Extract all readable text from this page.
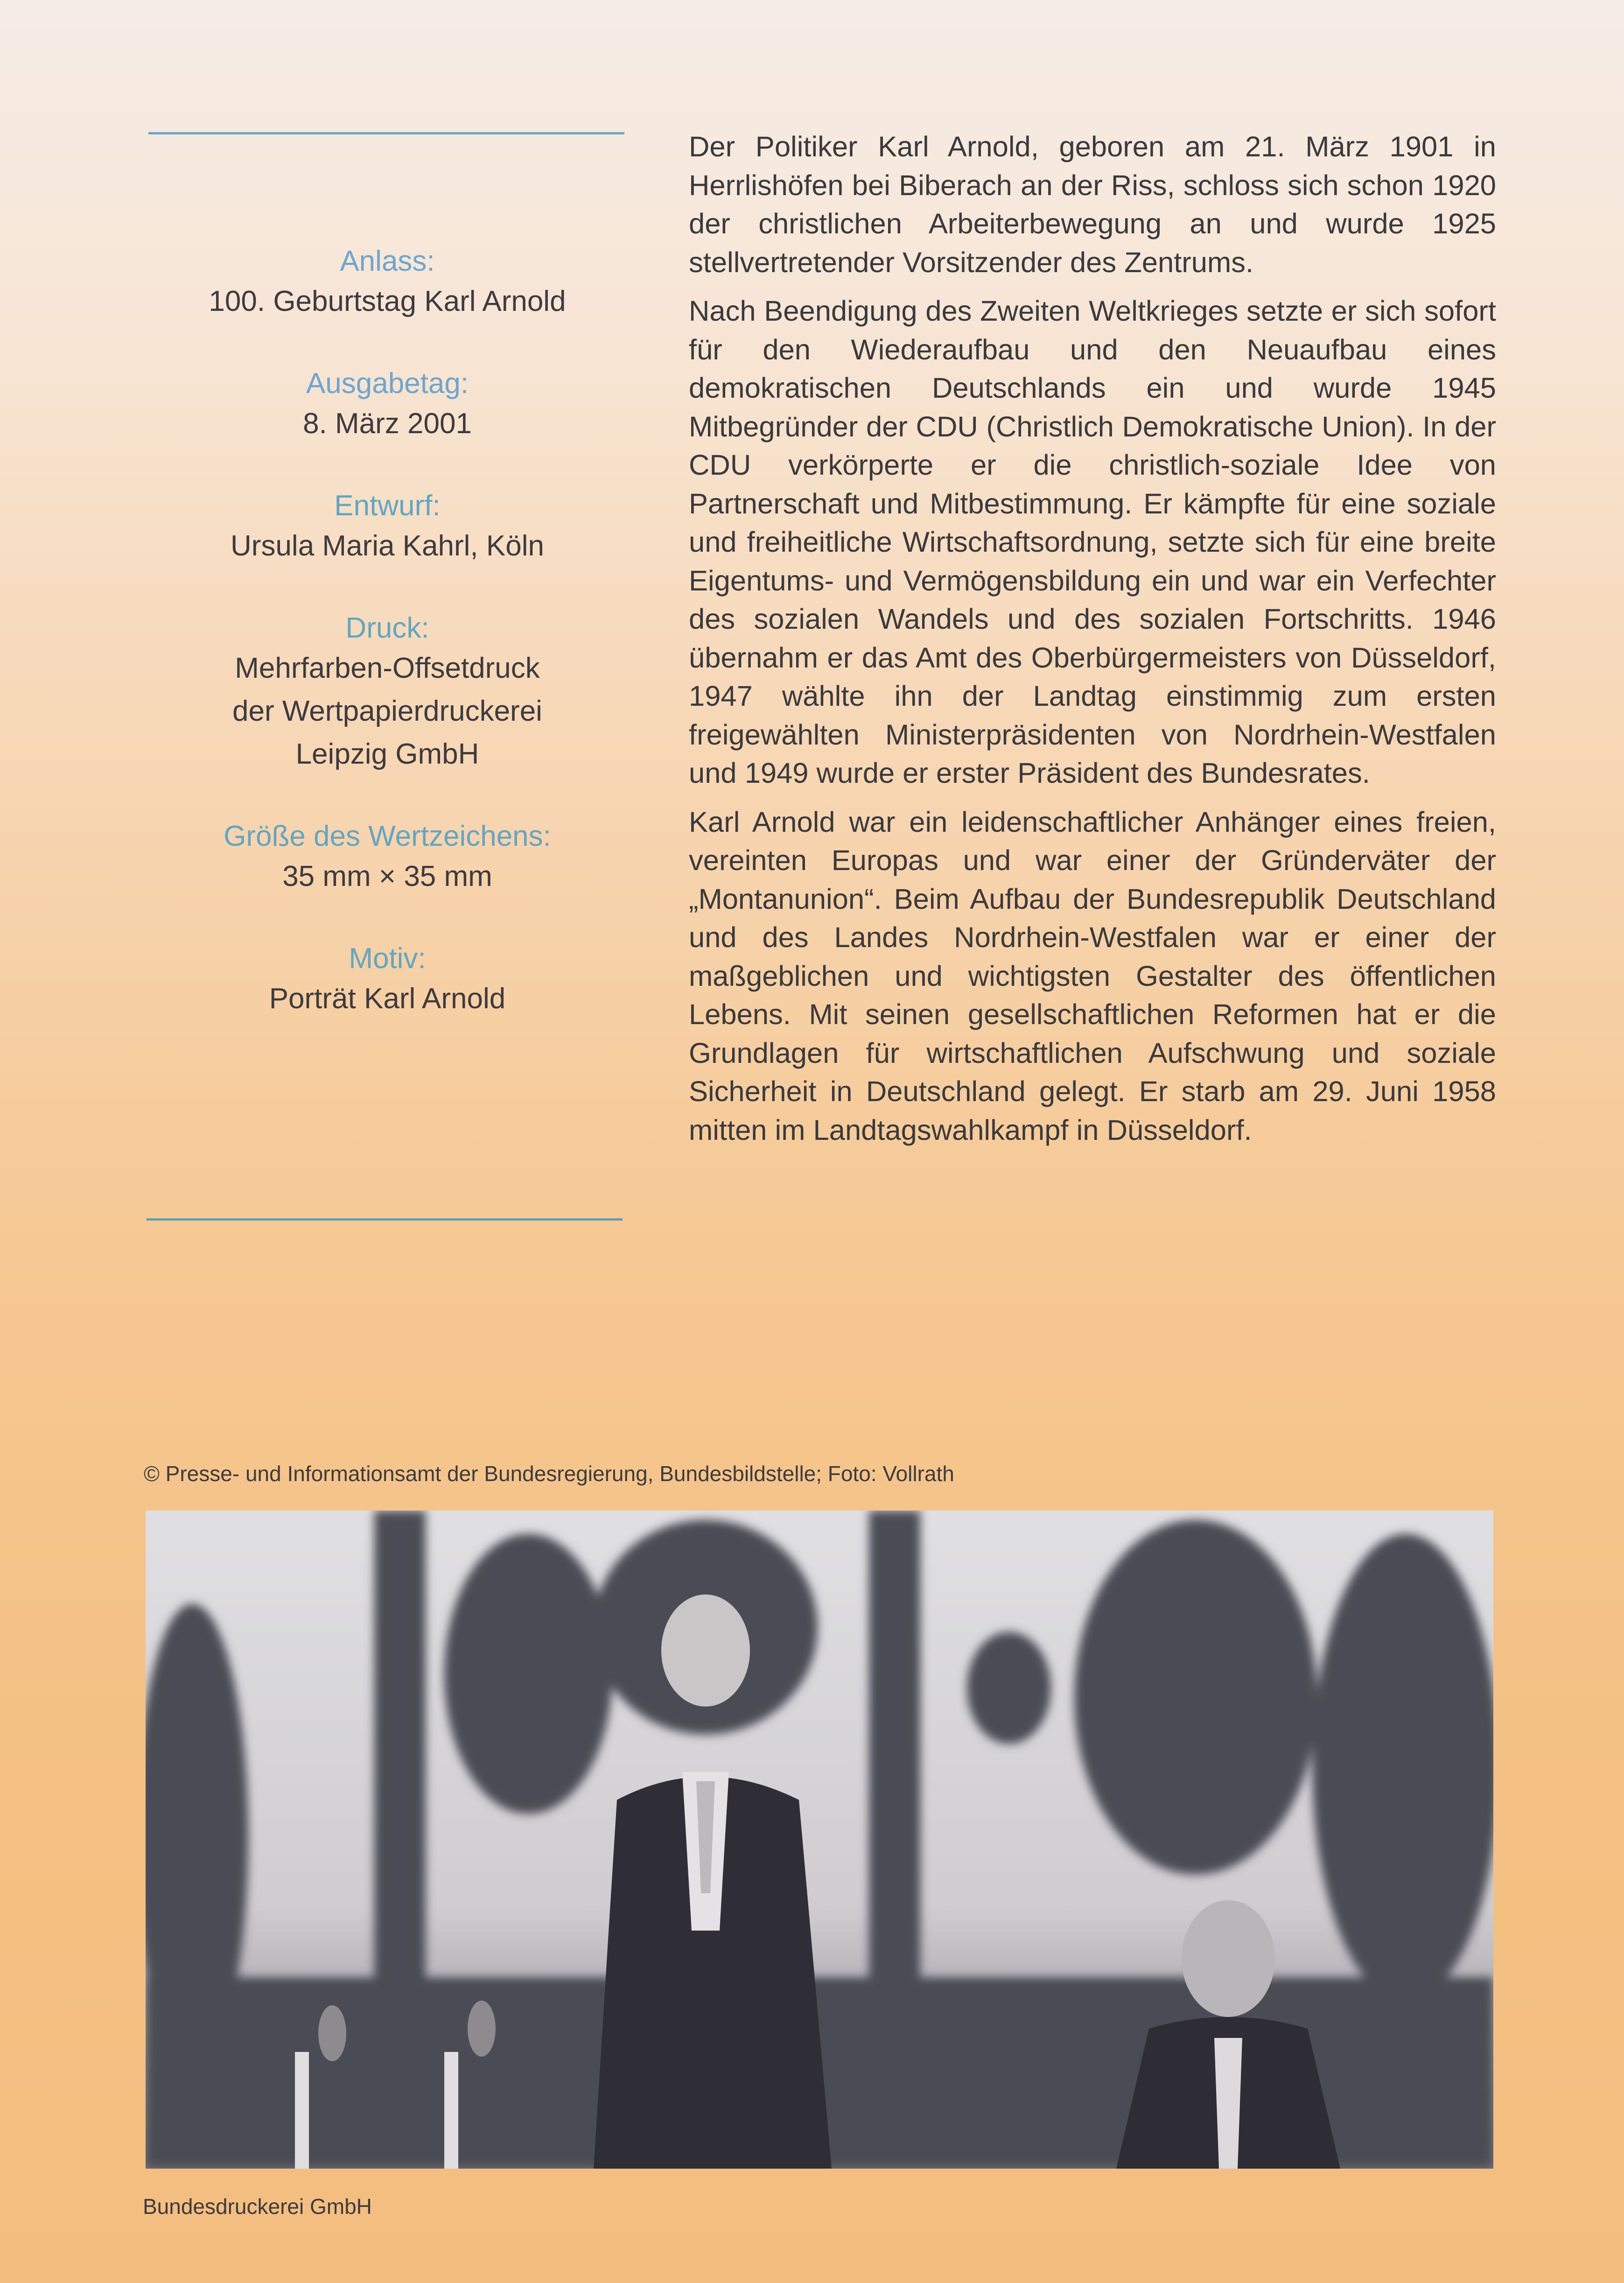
Anlass:
100. Geburtstag Karl Arnold
Ausgabetag:
8. März 2001
Entwurf:
Ursula Maria Kahrl, Köln
Druck:
Mehrfarben-Offsetdruck
der Wertpapierdruckerei
Leipzig GmbH
Größe des Wertzeichens:
35 mm × 35 mm
Motiv:
Porträt Karl Arnold

Der Politiker Karl Arnold, geboren am 21. März 1901 in Herrlishöfen bei Biberach an der Riss, schloss sich schon 1920 der christlichen Arbeiterbewegung an und wurde 1925 stellvertretender Vorsitzender des Zentrums.

Nach Beendigung des Zweiten Weltkrieges setzte er sich sofort für den Wiederaufbau und den Neuaufbau eines demokratischen Deutschlands ein und wurde 1945 Mitbegründer der CDU (Christlich Demokratische Union). In der CDU verkörperte er die christlich-soziale Idee von Partnerschaft und Mitbestimmung. Er kämpfte für eine soziale und freiheitliche Wirtschaftsordnung, setzte sich für eine breite Eigentums- und Vermögensbildung ein und war ein Verfechter des sozialen Wandels und des sozialen Fortschritts. 1946 übernahm er das Amt des Oberbürgermeisters von Düsseldorf, 1947 wählte ihn der Landtag einstimmig zum ersten freigewählten Ministerpräsidenten von Nordrhein-Westfalen und 1949 wurde er erster Präsident des Bundesrates.

Karl Arnold war ein leidenschaftlicher Anhänger eines freien, vereinten Europas und war einer der Gründerväter der „Montanunion“. Beim Aufbau der Bundesrepublik Deutschland und des Landes Nordrhein-Westfalen war er einer der maßgeblichen und wichtigsten Gestalter des öffentlichen Lebens. Mit seinen gesellschaftlichen Reformen hat er die Grundlagen für wirtschaftlichen Aufschwung und soziale Sicherheit in Deutschland gelegt. Er starb am 29. Juni 1958 mitten im Landtagswahlkampf in Düsseldorf.

© Presse- und Informationsamt der Bundesregierung, Bundesbildstelle; Foto: Vollrath
Bundesdruckerei GmbH
